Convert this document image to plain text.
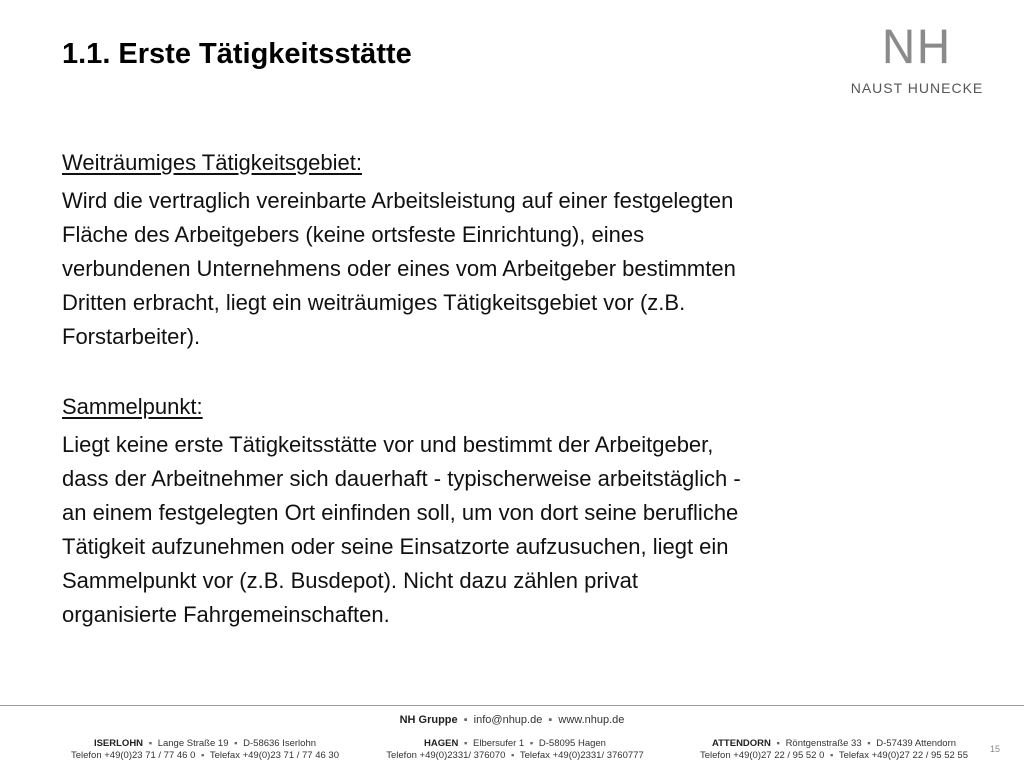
1.1. Erste Tätigkeitsstätte	NH
NAUST HUNECKE
Weiträumiges Tätigkeitsgebiet:
Wird die vertraglich vereinbarte Arbeitsleistung auf einer festgelegten
Fläche des Arbeitgebers (keine ortsfeste Einrichtung), eines
verbundenen Unternehmens oder eines vom Arbeitgeber bestimmten
Dritten erbracht, liegt ein weiträumiges Tätigkeitsgebiet vor (z.B.
Forstarbeiter).
Sammelpunkt:
Liegt keine erste Tätigkeitsstätte vor und bestimmt der Arbeitgeber,
dass der Arbeitnehmer sich dauerhaft - typischerweise arbeitstäglich -
an einem festgelegten Ort einfinden soll, um von dort seine berufliche
Tätigkeit aufzunehmen oder seine Einsatzorte aufzusuchen, liegt ein
Sammelpunkt vor (z.B. Busdepot). Nicht dazu zählen privat
organisierte Fahrgemeinschaften.
NH Gruppe ▪ info@nhup.de ▪ www.nhup.de
ISERLOHN ▪ Lange Straße 19 ▪ D-58636 Iserlohn
Telefon +49(0)23 71 / 77 46 0 ▪ Telefax +49(0)23 71 / 77 46 30
HAGEN ▪ Elbersufer 1 ▪ D-58095 Hagen
Telefon +49(0)2331/ 376070 ▪ Telefax +49(0)2331/ 3760777
ATTENDORN ▪ Röntgenstraße 33 ▪ D-57439 Attendorn
Telefon +49(0)27 22 / 95 52 0 ▪ Telefax +49(0)27 22 / 95 52 55
15
